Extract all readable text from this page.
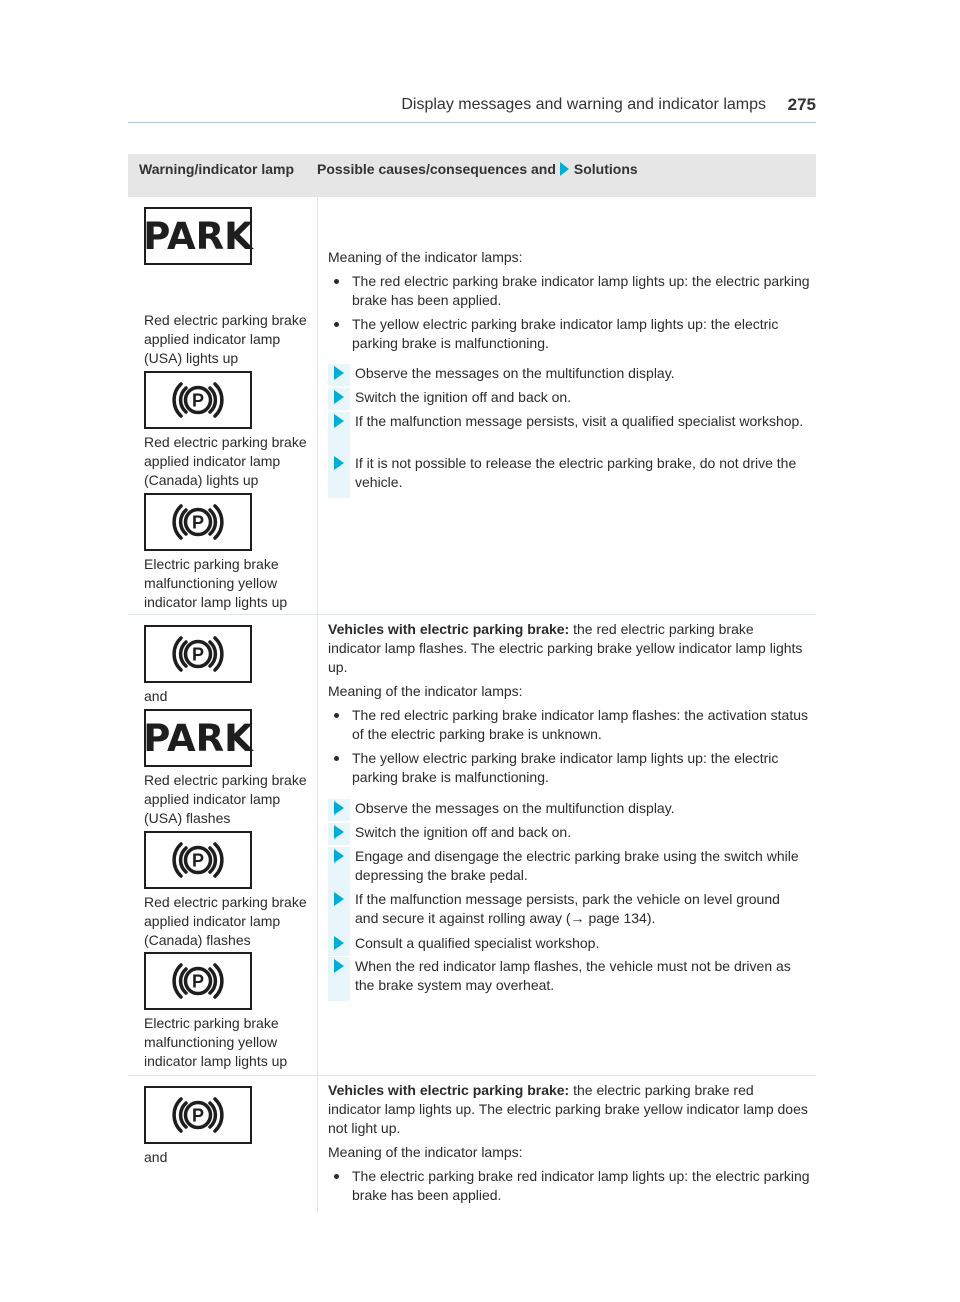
Display messages and warning and indicator lamps 275
Warning/indicator lamp	Possible causes/consequences and Solutions
PARK
Red electric parking brake applied indicator lamp (USA) lights up
P
Red electric parking brake applied indicator lamp (Canada) lights up
P
Electric parking brake malfunctioning yellow indicator lamp lights up
Meaning of the indicator lamps:
The red electric parking brake indicator lamp lights up: the electric parking brake has been applied.
The yellow electric parking brake indicator lamp lights up: the electric parking brake is malfunctioning.
Observe the messages on the multifunction display.
Switch the ignition off and back on.
If the malfunction message persists, visit a qualified specialist workshop.
If it is not possible to release the electric parking brake, do not drive the vehicle.
P
and
PARK
Red electric parking brake applied indicator lamp (USA) flashes
P
Red electric parking brake applied indicator lamp (Canada) flashes
P
Electric parking brake malfunctioning yellow indicator lamp lights up
Vehicles with electric parking brake: the red electric parking brake indicator lamp flashes. The electric parking brake yellow indicator lamp lights up.
Meaning of the indicator lamps:
The red electric parking brake indicator lamp flashes: the activation status of the electric parking brake is unknown.
The yellow electric parking brake indicator lamp lights up: the electric parking brake is malfunctioning.
Observe the messages on the multifunction display.
Switch the ignition off and back on.
Engage and disengage the electric parking brake using the switch while depressing the brake pedal.
If the malfunction message persists, park the vehicle on level ground and secure it against rolling away (→ page 134).
Consult a qualified specialist workshop.
When the red indicator lamp flashes, the vehicle must not be driven as the brake system may overheat.
P
and
Vehicles with electric parking brake: the electric parking brake red indicator lamp lights up. The electric parking brake yellow indicator lamp does not light up.
Meaning of the indicator lamps:
The electric parking brake red indicator lamp lights up: the electric parking brake has been applied.
